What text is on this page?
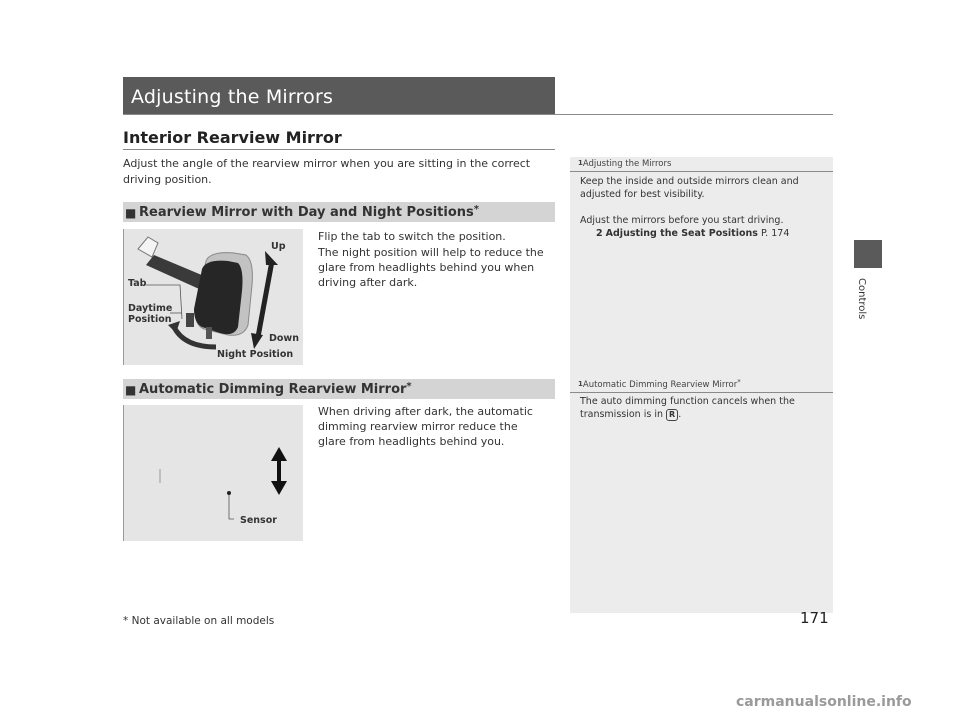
Adjusting the Mirrors
Interior Rearview Mirror
Adjust the angle of the rearview mirror when you are sitting in the correct driving position.
■ Rearview Mirror with Day and Night Positions*
Up
Tab
Daytime
Position
Down
Night Position

Flip the tab to switch the position.

The night position will help to reduce the glare from headlights behind you when driving after dark.

■ Automatic Dimming Rearview Mirror*
Sensor
When driving after dark, the automatic dimming rearview mirror reduce the glare from headlights behind you.
1Adjusting the Mirrors

Keep the inside and outside mirrors clean and adjusted for best visibility.

Adjust the mirrors before you start driving.

2 Adjusting the Seat Positions P. 174

1Automatic Dimming Rearview Mirror*

The auto dimming function cancels when the transmission is in R .

Controls
* Not available on all models	171
carmanualsonline.info
